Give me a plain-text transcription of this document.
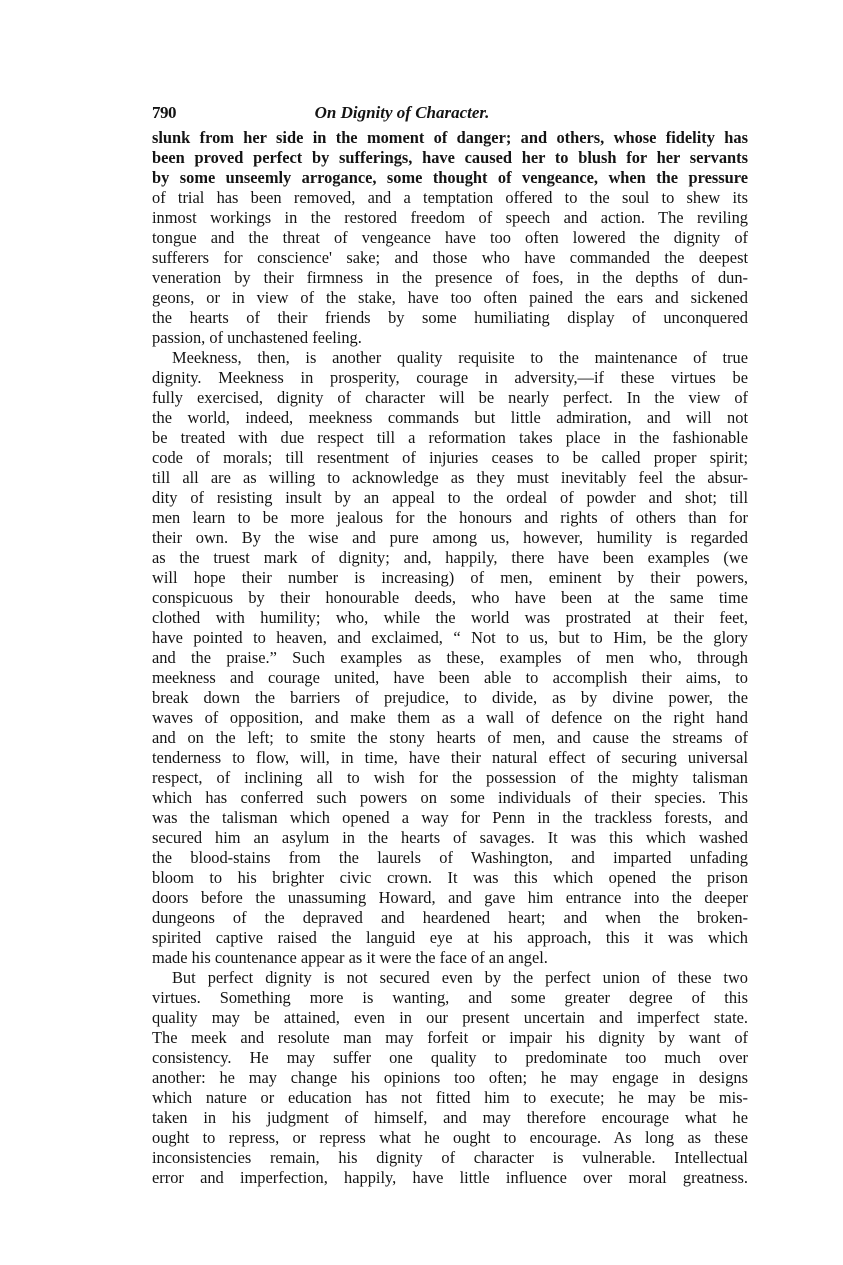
790	On Dignity of Character.
slunk from her side in the moment of danger; and others, whose fidelity has
been proved perfect by sufferings, have caused her to blush for her servants
by some unseemly arrogance, some thought of vengeance, when the pressure
of trial has been removed, and a temptation offered to the soul to shew its
inmost workings in the restored freedom of speech and action. The reviling
tongue and the threat of vengeance have too often lowered the dignity of
sufferers for conscience' sake; and those who have commanded the deepest
veneration by their firmness in the presence of foes, in the depths of dun-
geons, or in view of the stake, have too often pained the ears and sickened
the hearts of their friends by some humiliating display of unconquered
passion, of unchastened feeling.
Meekness, then, is another quality requisite to the maintenance of true
dignity. Meekness in prosperity, courage in adversity,—if these virtues be
fully exercised, dignity of character will be nearly perfect. In the view of
the world, indeed, meekness commands but little admiration, and will not
be treated with due respect till a reformation takes place in the fashionable
code of morals; till resentment of injuries ceases to be called proper spirit;
till all are as willing to acknowledge as they must inevitably feel the absur-
dity of resisting insult by an appeal to the ordeal of powder and shot; till
men learn to be more jealous for the honours and rights of others than for
their own. By the wise and pure among us, however, humility is regarded
as the truest mark of dignity; and, happily, there have been examples (we
will hope their number is increasing) of men, eminent by their powers,
conspicuous by their honourable deeds, who have been at the same time
clothed with humility; who, while the world was prostrated at their feet,
have pointed to heaven, and exclaimed, “ Not to us, but to Him, be the glory
and the praise.” Such examples as these, examples of men who, through
meekness and courage united, have been able to accomplish their aims, to
break down the barriers of prejudice, to divide, as by divine power, the
waves of opposition, and make them as a wall of defence on the right hand
and on the left; to smite the stony hearts of men, and cause the streams of
tenderness to flow, will, in time, have their natural effect of securing universal
respect, of inclining all to wish for the possession of the mighty talisman
which has conferred such powers on some individuals of their species. This
was the talisman which opened a way for Penn in the trackless forests, and
secured him an asylum in the hearts of savages. It was this which washed
the blood-stains from the laurels of Washington, and imparted unfading
bloom to his brighter civic crown. It was this which opened the prison
doors before the unassuming Howard, and gave him entrance into the deeper
dungeons of the depraved and heardened heart; and when the broken-
spirited captive raised the languid eye at his approach, this it was which
made his countenance appear as it were the face of an angel.
But perfect dignity is not secured even by the perfect union of these two
virtues. Something more is wanting, and some greater degree of this
quality may be attained, even in our present uncertain and imperfect state.
The meek and resolute man may forfeit or impair his dignity by want of
consistency. He may suffer one quality to predominate too much over
another: he may change his opinions too often; he may engage in designs
which nature or education has not fitted him to execute; he may be mis-
taken in his judgment of himself, and may therefore encourage what he
ought to repress, or repress what he ought to encourage. As long as these
inconsistencies remain, his dignity of character is vulnerable. Intellectual
error and imperfection, happily, have little influence over moral greatness.
